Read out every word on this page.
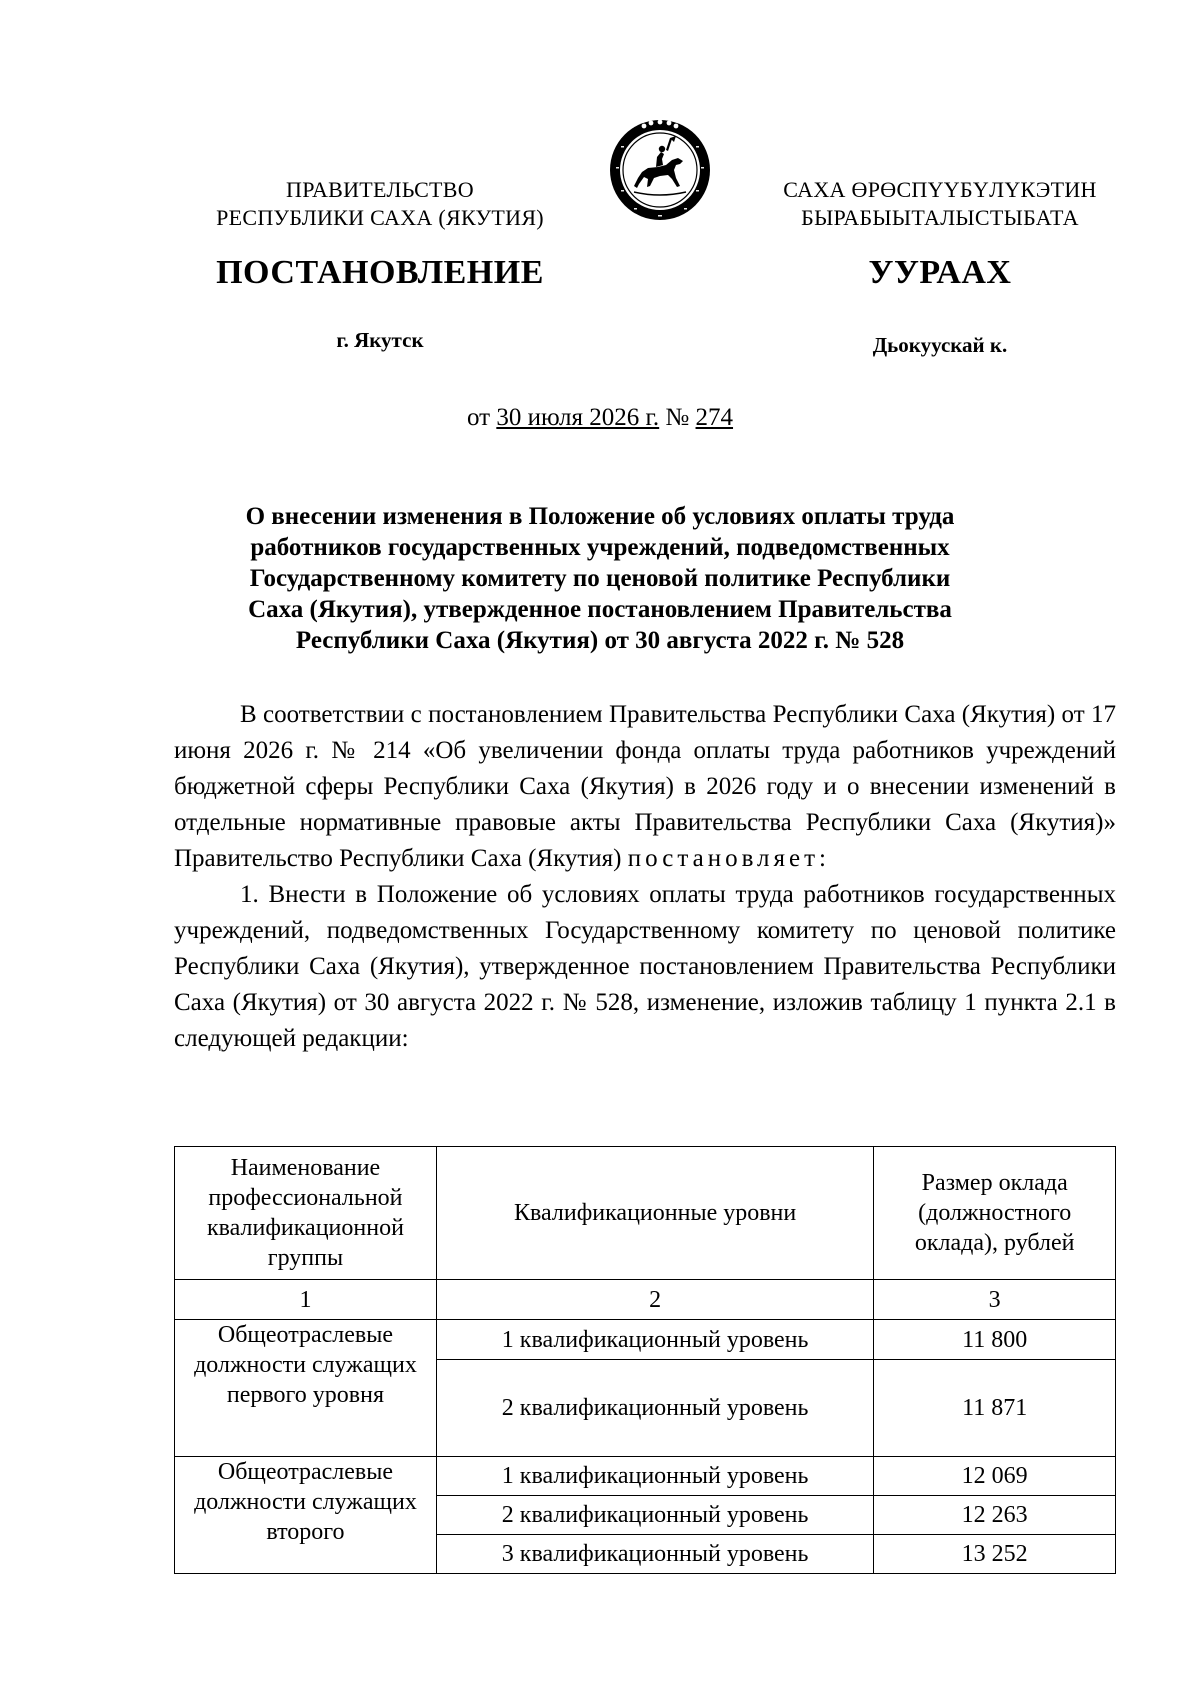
ПРАВИТЕЛЬСТВО
РЕСПУБЛИКИ САХА (ЯКУТИЯ)
САХА ӨРӨСПҮҮБҮЛҮКЭТИН
БЫРАБЫЫТАЛЫСТЫБАТА
ПОСТАНОВЛЕНИЕ	УУРААХ
г. Якутск	Дьокуускай к.
от 30 июля 2026 г. № 274
О внесении изменения в Положение об условиях оплаты труда работников государственных учреждений, подведомственных Государственному комитету по ценовой политике Республики Саха (Якутия), утвержденное постановлением Правительства Республики Саха (Якутия) от 30 августа 2022 г. № 528

В соответствии с постановлением Правительства Республики Саха (Якутия) от 17 июня 2026 г. № 214 «Об увеличении фонда оплаты труда работников учреждений бюджетной сферы Республики Саха (Якутия) в 2026 году и о внесении изменений в отдельные нормативные правовые акты Правительства Республики Саха (Якутия)» Правительство Республики Саха (Якутия) постановляет:

1. Внести в Положение об условиях оплаты труда работников государственных учреждений, подведомственных Государственному комитету по ценовой политике Республики Саха (Якутия), утвержденное постановлением Правительства Республики Саха (Якутия) от 30 августа 2022 г. № 528, изменение, изложив таблицу 1 пункта 2.1 в следующей редакции:

Наименование профессиональной квалификационной группы	Квалификационные уровни	Размер оклада (должностного оклада), рублей
1	2	3
Общеотраслевые должности служащих первого уровня	1 квалификационный уровень	11 800
	2 квалификационный уровень	11 871
Общеотраслевые должности служащих второго	1 квалификационный уровень	12 069
	2 квалификационный уровень	12 263
	3 квалификационный уровень	13 252
